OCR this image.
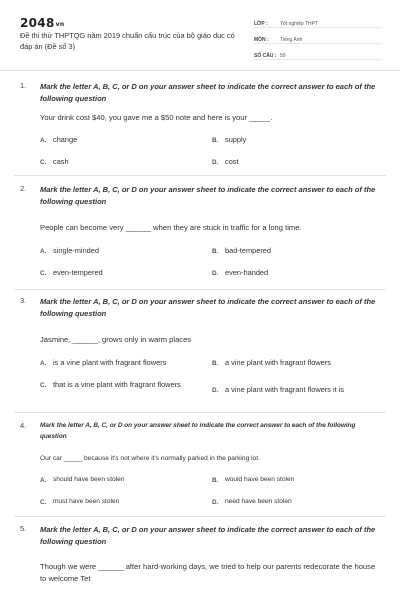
2048vn
Đề thi thử THPTQG năm 2019 chuẩn cấu trúc của bộ giáo dục có đáp án (Đề số 3)
LỚP :	Tốt nghiệp THPT
MÔN :	Tiếng Anh
SỐ CÂU : 50
1. Mark the letter A, B, C, or D on your answer sheet to indicate the correct answer to each of the following question
Your drink cost $40, you gave me a $50 note and here is your _____.
A. change	B. supply
C. cash	D. cost
2. Mark the letter A, B, C, or D on your answer sheet to indicate the correct answer to each of the following question
People can become very ______ when they are stuck in traffic for a long time.
A. single-minded	B. bad-tempered
C. even-tempered	D. even-handed
3. Mark the letter A, B, C, or D on your answer sheet to indicate the correct answer to each of the following question
Jasmine, ______, grows only in warm places
A. is a vine plant with fragrant flowers	B. a vine plant with fragrant flowers
C. that is a vine plant with fragrant flowers
D. a vine plant with fragrant flowers it is
4. Mark the letter A, B, C, or D on your answer sheet to indicate the correct answer to each of the following question
Our car _____ because it's not where it's normally parked in the parking lot.
A.	should have been stolen	B.	would have been stolen
C.	must have been stolen	D.	need have been stolen
5. Mark the letter A, B, C, or D on your answer sheet to indicate the correct answer to each of the following question
Though we were ______ after hard-working days, we tried to help our parents redecorate the house to welcome Tet
